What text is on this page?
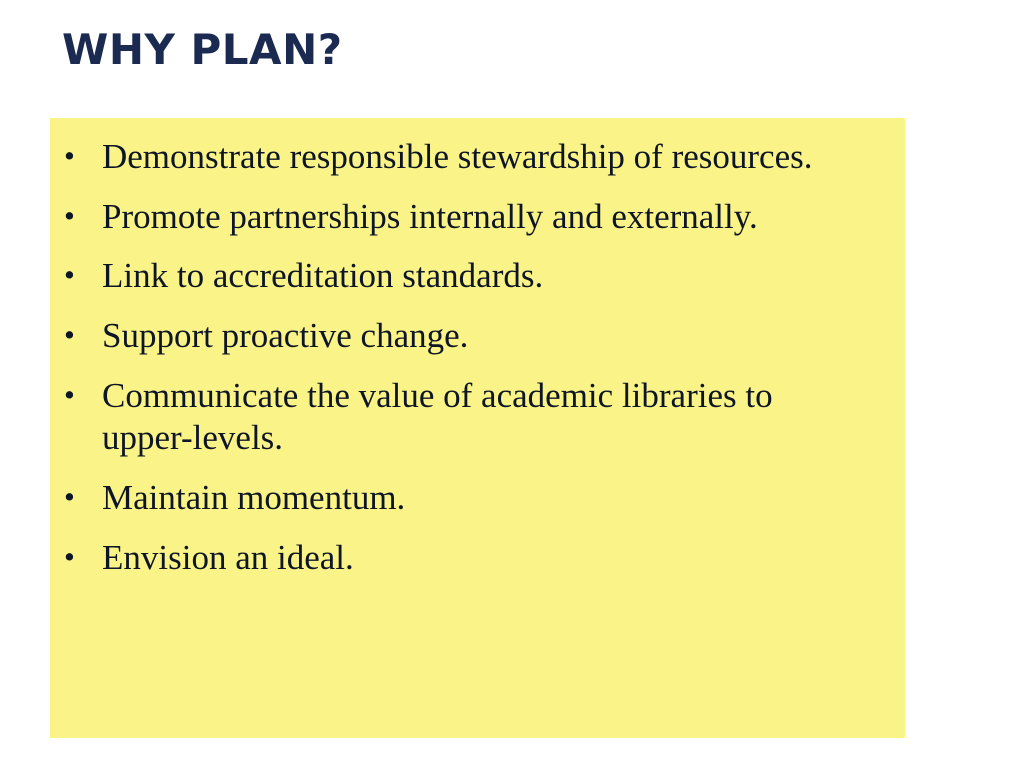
WHY PLAN?
• Demonstrate responsible stewardship of resources.
• Promote partnerships internally and externally.
• Link to accreditation standards.
• Support proactive change.
• Communicate the value of academic libraries to upper-levels.
• Maintain momentum.
• Envision an ideal.
